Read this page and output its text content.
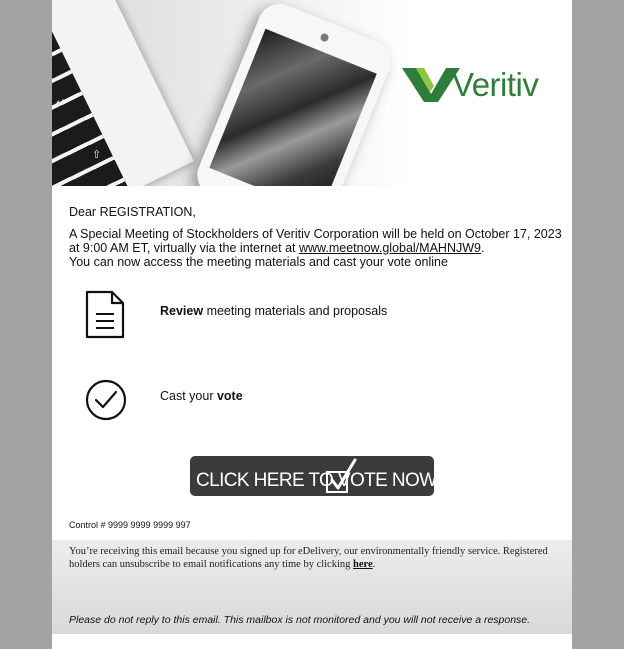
↵
⇧
Veritiv
Dear REGISTRATION,
A Special Meeting of Stockholders of Veritiv Corporation will be held on October 17, 2023 at 9:00 AM ET, virtually via the internet at www.meetnow.global/MAHNJW9.
You can now access the meeting materials and cast your vote online
Review meeting materials and proposals
Cast your vote
CLICK HERE TO VOTE NOW
Control # 9999 9999 9999 997
You’re receiving this email because you signed up for eDelivery, our environmentally friendly service. Registered holders can unsubscribe to email notifications any time by clicking here.
Please do not reply to this email. This mailbox is not monitored and you will not receive a response.
